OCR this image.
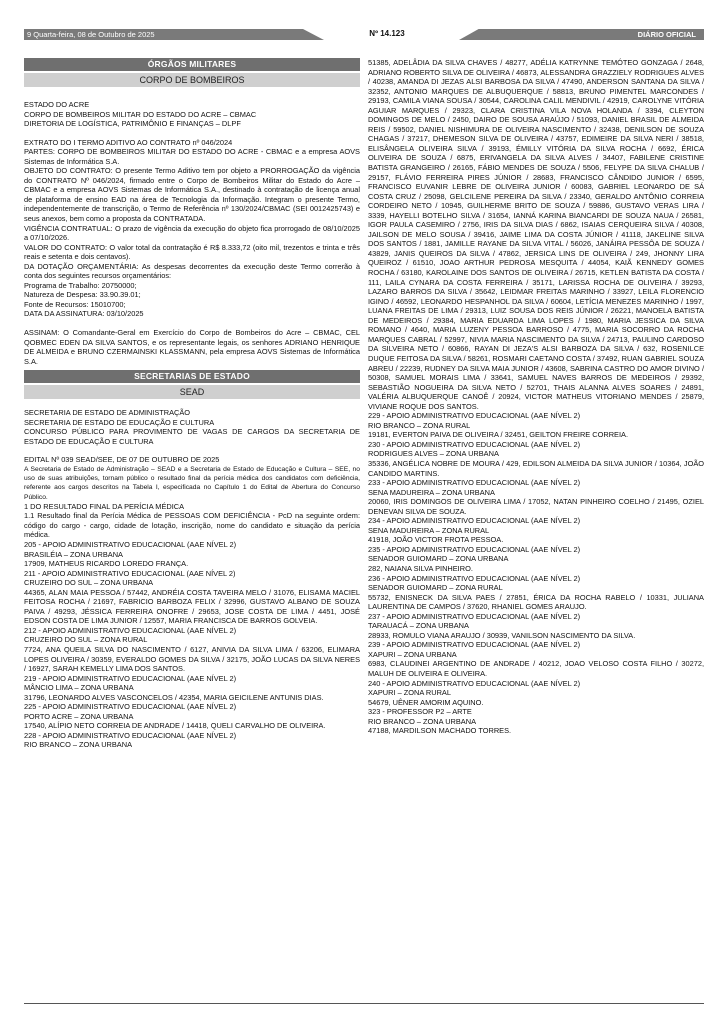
9 Quarta-feira, 08 de Outubro de 2025	Nº 14.123	DIÁRIO OFICIAL
ÓRGÃOS MILITARES
CORPO DE BOMBEIROS

ESTADO DO ACRE

CORPO DE BOMBEIROS MILITAR DO ESTADO DO ACRE – CBMAC

DIRETORIA DE LOGÍSTICA, PATRIMÔNIO E FINANÇAS – DLPF

EXTRATO DO I TERMO ADITIVO AO CONTRATO nº 046/2024

PARTES: CORPO DE BOMBEIROS MILITAR DO ESTADO DO ACRE - CBMAC e a empresa AOVS Sistemas de Informática S.A.

OBJETO DO CONTRATO: O presente Termo Aditivo tem por objeto a PRORROGAÇÃO da vigência do CONTRATO Nº 046/2024, firmado entre o Corpo de Bombeiros Militar do Estado do Acre – CBMAC e a empresa AOVS Sistemas de Informática S.A., destinado à contratação de licença anual de plataforma de ensino EAD na área de Tecnologia da Informação. Integram o presente Termo, independentemente de transcrição, o Termo de Referência nº 130/2024/CBMAC (SEI 0012425743) e seus anexos, bem como a proposta da CONTRATADA.

VIGÊNCIA CONTRATUAL: O prazo de vigência da execução do objeto fica prorrogado de 08/10/2025 a 07/10/2026.

VALOR DO CONTRATO: O valor total da contratação é R$ 8.333,72 (oito mil, trezentos e trinta e três reais e setenta e dois centavos).

DA DOTAÇÃO ORÇAMENTÁRIA: As despesas decorrentes da execução deste Termo correrão à conta dos seguintes recursos orçamentários:

Programa de Trabalho: 20750000;

Natureza de Despesa: 33.90.39.01;

Fonte de Recursos: 15010700;

DATA DA ASSINATURA: 03/10/2025

ASSINAM: O Comandante-Geral em Exercício do Corpo de Bombeiros do Acre – CBMAC, CEL QOBMEC EDEN DA SILVA SANTOS, e os representante legais, os senhores ADRIANO HENRIQUE DE ALMEIDA e BRUNO CZERMAINSKI KLASSMANN, pela empresa AOVS Sistemas de Informática S.A.

SECRETARIAS DE ESTADO
SEAD

SECRETARIA DE ESTADO DE ADMINISTRAÇÃO

SECRETARIA DE ESTADO DE EDUCAÇÃO E CULTURA

CONCURSO PÚBLICO PARA PROVIMENTO DE VAGAS DE CARGOS DA SECRETARIA DE ESTADO DE EDUCAÇÃO E CULTURA

EDITAL Nº 039 SEAD/SEE, DE 07 DE OUTUBRO DE 2025

A Secretaria de Estado de Administração – SEAD e a Secretaria de Estado de Educação e Cultura – SEE, no uso de suas atribuições, tornam público o resultado final da perícia médica dos candidatos com deficiência, referente aos cargos descritos na Tabela I, especificada no Capítulo 1 do Edital de Abertura do Concurso Público.

1 DO RESULTADO FINAL DA PERÍCIA MÉDICA

1.1 Resultado final da Perícia Médica de PESSOAS COM DEFICIÊNCIA - PcD na seguinte ordem: código do cargo - cargo, cidade de lotação, inscrição, nome do candidato e situação da perícia médica.

205 - APOIO ADMINISTRATIVO EDUCACIONAL (AAE NÍVEL 2)

BRASILÉIA – ZONA URBANA

17909, MATHEUS RICARDO LOREDO FRANÇA.

211 - APOIO ADMINISTRATIVO EDUCACIONAL (AAE NÍVEL 2)

CRUZEIRO DO SUL – ZONA URBANA

44365, ALAN MAIA PESSOA / 57442, ANDRÉIA COSTA TAVEIRA MELO / 31076, ELISAMA MACIEL FEITOSA ROCHA / 21697, FABRICIO BARBOZA FELIX / 32996, GUSTAVO ALBANO DE SOUZA PAIVA / 49293, JÉSSICA FERREIRA ONOFRE / 29653, JOSE COSTA DE LIMA / 4451, JOSÉ EDSON COSTA DE LIMA JUNIOR / 12557, MARIA FRANCISCA DE BARROS GOLVEIA.

212 - APOIO ADMINISTRATIVO EDUCACIONAL (AAE NÍVEL 2)

CRUZEIRO DO SUL – ZONA RURAL

7724, ANA QUEILA SILVA DO NASCIMENTO / 6127, ANIVIA DA SILVA LIMA / 63206, ELIMARA LOPES OLIVEIRA / 30359, EVERALDO GOMES DA SILVA / 32175, JOÃO LUCAS DA SILVA NERES / 16927, SARAH KEMELLY LIMA DOS SANTOS.

219 - APOIO ADMINISTRATIVO EDUCACIONAL (AAE NÍVEL 2)

MÂNCIO LIMA – ZONA URBANA

31796, LEONARDO ALVES VASCONCELOS / 42354, MARIA GEICILENE ANTUNIS DIAS.

225 - APOIO ADMINISTRATIVO EDUCACIONAL (AAE NÍVEL 2)

PORTO ACRE – ZONA URBANA

17540, ALÍPIO NETO CORREIA DE ANDRADE / 14418, QUELI CARVALHO DE OLIVEIRA.

228 - APOIO ADMINISTRATIVO EDUCACIONAL (AAE NÍVEL 2)

RIO BRANCO – ZONA URBANA

51385, ADELÂDIA DA SILVA CHAVES / 48277, ADÉLIA KATRYNNE TEMÓTEO GONZAGA / 2648, ADRIANO ROBERTO SILVA DE OLIVEIRA / 46873, ALESSANDRA GRAZZIELY RODRIGUES ALVES / 40238, AMANDA DI JEZAS ALSI BARBOSA DA SILVA / 47490, ANDERSON SANTANA DA SILVA / 32352, ANTONIO MARQUES DE ALBUQUERQUE / 58813, BRUNO PIMENTEL MARCONDES / 29193, CAMILA VIANA SOUSA / 30544, CAROLINA CALIL MENDIVIL / 42919, CAROLYNE VITÓRIA AGUIAR MARQUES / 29323, CLARA CRISTINA VILA NOVA HOLANDA / 3394, CLEYTON DOMINGOS DE MELO / 2450, DAIRO DE SOUSA ARAÚJO / 51093, DANIEL BRASIL DE ALMEIDA REIS / 59502, DANIEL NISHIMURA DE OLIVEIRA NASCIMENTO / 32438, DENILSON DE SOUZA CHAGAS / 37217, DHEMESON SILVA DE OLIVEIRA / 43757, EDIMEIRE DA SILVA NERI / 38518, ELISÂNGELA OLIVEIRA SILVA / 39193, ÉMILLY VITÓRIA DA SILVA ROCHA / 6692, ÉRICA OLIVEIRA DE SOUZA / 6875, ERIVANGELA DA SILVA ALVES / 34407, FABILENE CRISTINE BATISTA GRANGEIRO / 26165, FÁBIO MENDES DE SOUZA / 5506, FELYPE DA SILVA CHALUB / 29157, FLÁVIO FERREIRA PIRES JÚNIOR / 28683, FRANCISCO CÂNDIDO JUNIOR / 6595, FRANCISCO EUVANIR LEBRE DE OLIVEIRA JUNIOR / 60083, GABRIEL LEONARDO DE SÁ COSTA CRUZ / 25098, GELCILENE PEREIRA DA SILVA / 23340, GERALDO ANTÔNIO CORREIA CORDEIRO NETO / 10945, GUILHERME BRITO DE SOUZA / 59886, GUSTAVO VERAS LIRA / 3339, HAYELLI BOTELHO SILVA / 31654, IANNÁ KARINA BIANCARDI DE SOUZA NAUA / 26581, IGOR PAULA CASEMIRO / 2756, IRIS DA SILVA DIAS / 6862, ISAIAS CERQUEIRA SILVA / 40308, JAILSON DE MELO SOUSA / 39416, JAIME LIMA DA COSTA JÚNIOR / 41118, JAKELINE SILVA DOS SANTOS / 1881, JAMILLE RAYANE DA SILVA VITAL / 56026, JANÁIRA PESSÔA DE SOUZA / 43829, JANIS QUEIROS DA SILVA / 47862, JERSICA LINS DE OLIVEIRA / 249, JHONNY LIRA QUEIROZ / 61510, JOAO ARTHUR PEDROSA MESQUITA / 44054, KAIÃ KENNEDY GOMES ROCHA / 63180, KAROLAINE DOS SANTOS DE OLIVEIRA / 26715, KETLEN BATISTA DA COSTA / 111, LAILA CYNARA DA COSTA FERREIRA / 35171, LARISSA ROCHA DE OLIVEIRA / 39293, LAZARO BARROS DA SILVA / 35642, LEIDMAR FREITAS MARINHO / 33927, LEILA FLORENCIO IGINO / 46592, LEONARDO HESPANHOL DA SILVA / 60604, LETÍCIA MENEZES MARINHO / 1997, LUANA FREITAS DE LIMA / 29313, LUIZ SOUSA DOS REIS JÚNIOR / 26221, MANOELA BATISTA DE MEDEIROS / 29384, MARIA EDUARDA LIMA LOPES / 1980, MARIA JESSICA DA SILVA ROMANO / 4640, MARIA LUZENY PESSOA BARROSO / 4775, MARIA SOCORRO DA ROCHA MARQUES CABRAL / 52997, NIVIA MARIA NASCIMENTO DA SILVA / 24713, PAULINO CARDOSO DA SILVEIRA NETO / 60866, RAYAN DI JEZA'S ALSI BARBOZA DA SILVA / 632, ROSENILCE DUQUE FEITOSA DA SILVA / 58261, ROSMARI CAETANO COSTA / 37492, RUAN GABRIEL SOUZA ABREU / 22239, RUDNEY DA SILVA MAIA JUNIOR / 43608, SABRINA CASTRO DO AMOR DIVINO / 50308, SAMUEL MORAIS LIMA / 33641, SAMUEL NAVES BARROS DE MEDEIROS / 29392, SEBASTIÃO NOGUEIRA DA SILVA NETO / 52701, THAIS ALANNA ALVES SOARES / 24891, VALÉRIA ALBUQUERQUE CANOÊ / 20924, VICTOR MATHEUS VITORIANO MENDES / 25879, VIVIANE ROQUE DOS SANTOS.

229 - APOIO ADMINISTRATIVO EDUCACIONAL (AAE NÍVEL 2)

RIO BRANCO – ZONA RURAL

19181, EVERTON PAIVA DE OLIVEIRA / 32451, GEILTON FREIRE CORREIA.

230 - APOIO ADMINISTRATIVO EDUCACIONAL (AAE NÍVEL 2)

RODRIGUES ALVES – ZONA URBANA

35336, ANGÉLICA NOBRE DE MOURA / 429, EDILSON ALMEIDA DA SILVA JUNIOR / 10364, JOÃO CANDIDO MARTINS.

233 - APOIO ADMINISTRATIVO EDUCACIONAL (AAE NÍVEL 2)

SENA MADUREIRA – ZONA URBANA

20060, IRIS DOMINGOS DE OLIVEIRA LIMA / 17052, NATAN PINHEIRO COELHO / 21495, OZIEL DENEVAN SILVA DE SOUZA.

234 - APOIO ADMINISTRATIVO EDUCACIONAL (AAE NÍVEL 2)

SENA MADUREIRA – ZONA RURAL

41918, JOÃO VICTOR FROTA PESSOA.

235 - APOIO ADMINISTRATIVO EDUCACIONAL (AAE NÍVEL 2)

SENADOR GUIOMARD – ZONA URBANA

282, NAIANA SILVA PINHEIRO.

236 - APOIO ADMINISTRATIVO EDUCACIONAL (AAE NÍVEL 2)

SENADOR GUIOMARD – ZONA RURAL

55732, ENISNECK DA SILVA PAES / 27851, ÉRICA DA ROCHA RABELO / 10331, JULIANA LAURENTINA DE CAMPOS / 37620, RHANIEL GOMES ARAUJO.

237 - APOIO ADMINISTRATIVO EDUCACIONAL (AAE NÍVEL 2)

TARAUACÁ – ZONA URBANA

28933, ROMULO VIANA ARAUJO / 30939, VANILSON NASCIMENTO DA SILVA.

239 - APOIO ADMINISTRATIVO EDUCACIONAL (AAE NÍVEL 2)

XAPURI – ZONA URBANA

6983, CLAUDINEI ARGENTINO DE ANDRADE / 40212, JOAO VELOSO COSTA FILHO / 30272, MALUH DE OLIVEIRA E OLIVEIRA.

240 - APOIO ADMINISTRATIVO EDUCACIONAL (AAE NÍVEL 2)

XAPURI – ZONA RURAL

54679, UÊNER AMORIM AQUINO.

323 - PROFESSOR P2 – ARTE

RIO BRANCO – ZONA URBANA

47188, MARDILSON MACHADO TORRES.
